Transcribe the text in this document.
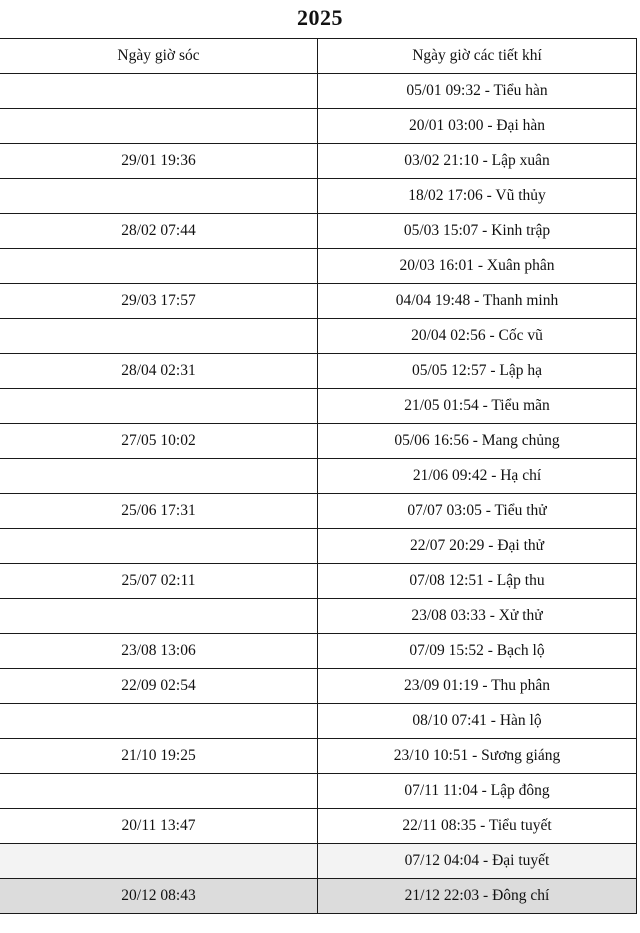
2025
Ngày giờ sóc	Ngày giờ các tiết khí
	05/01 09:32 - Tiểu hàn
	20/01 03:00 - Đại hàn
29/01 19:36	03/02 21:10 - Lập xuân
	18/02 17:06 - Vũ thủy
28/02 07:44	05/03 15:07 - Kinh trập
	20/03 16:01 - Xuân phân
29/03 17:57	04/04 19:48 - Thanh minh
	20/04 02:56 - Cốc vũ
28/04 02:31	05/05 12:57 - Lập hạ
	21/05 01:54 - Tiểu mãn
27/05 10:02	05/06 16:56 - Mang chủng
	21/06 09:42 - Hạ chí
25/06 17:31	07/07 03:05 - Tiểu thử
	22/07 20:29 - Đại thử
25/07 02:11	07/08 12:51 - Lập thu
	23/08 03:33 - Xử thử
23/08 13:06	07/09 15:52 - Bạch lộ
22/09 02:54	23/09 01:19 - Thu phân
	08/10 07:41 - Hàn lộ
21/10 19:25	23/10 10:51 - Sương giáng
	07/11 11:04 - Lập đông
20/11 13:47	22/11 08:35 - Tiểu tuyết
	07/12 04:04 - Đại tuyết
20/12 08:43	21/12 22:03 - Đông chí
